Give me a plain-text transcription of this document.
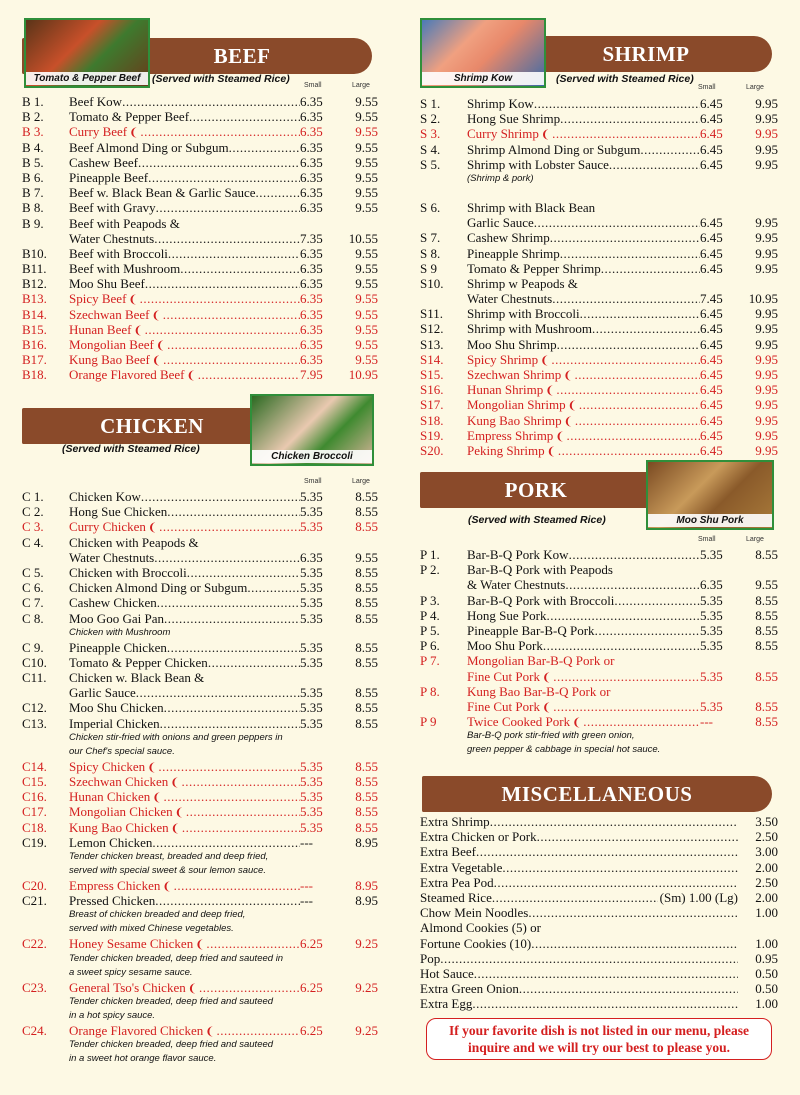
BEEF
Tomato & Pepper Beef	(Served with Steamed Rice)
Small	Large
B 1.	Beef Kow .....	6.35	9.55
B 2.	Tomato & Pepper Beef .....	6.35	9.55
B 3.	Curry Beef ❨ .....	6.35	9.55
B 4.	Beef Almond Ding or Subgum .....	6.35	9.55
B 5.	Cashew Beef .....	6.35	9.55
B 6.	Pineapple Beef .....	6.35	9.55
B 7.	Beef w. Black Bean & Garlic Sauce .....	6.35	9.55
B 8.	Beef with Gravy .....	6.35	9.55
B 9.	Beef with Peapods &
Water Chestnuts .....	7.35	10.55
B10.	Beef with Broccoli .....	6.35	9.55
B11.	Beef with Mushroom .....	6.35	9.55
B12.	Moo Shu Beef .....	6.35	9.55
B13.	Spicy Beef ❨ .....	6.35	9.55
B14.	Szechwan Beef ❨ .....	6.35	9.55
B15.	Hunan Beef ❨ .....	6.35	9.55
B16.	Mongolian Beef ❨ .....	6.35	9.55
B17.	Kung Bao Beef ❨ .....	6.35	9.55
B18.	Orange Flavored Beef ❨ .....	7.95	10.95
CHICKEN
Chicken Broccoli
(Served with Steamed Rice)
Small	Large
C 1.	Chicken Kow .....	5.35	8.55
C 2.	Hong Sue Chicken .....	5.35	8.55
C 3.	Curry Chicken ❨ .....	5.35	8.55
C 4.	Chicken with Peapods &
Water Chestnuts .....	6.35	9.55
C 5.	Chicken with Broccoli .....	5.35	8.55
C 6.	Chicken Almond Ding or Subgum .....	5.35	8.55
C 7.	Cashew Chicken .....	5.35	8.55
C 8.	Moo Goo Gai Pan .....	5.35	8.55
Chicken with Mushroom
C 9.	Pineapple Chicken .....	5.35	8.55
C10.	Tomato & Pepper Chicken .....	5.35	8.55
C11.	Chicken w. Black Bean &
Garlic Sauce .....	5.35	8.55
C12.	Moo Shu Chicken .....	5.35	8.55
C13.	Imperial Chicken .....	5.35	8.55
Chicken stir-fried with onions and green peppers in
our Chef's special sauce.
C14.	Spicy Chicken ❨ .....	5.35	8.55
C15.	Szechwan Chicken ❨ .....	5.35	8.55
C16.	Hunan Chicken ❨ .....	5.35	8.55
C17.	Mongolian Chicken ❨ .....	5.35	8.55
C18.	Kung Bao Chicken ❨ .....	5.35	8.55
C19.	Lemon Chicken .....	---	8.95
Tender chicken breast, breaded and deep fried,
served with special sweet & sour lemon sauce.
C20.	Empress Chicken ❨ .....	---	8.95
C21.	Pressed Chicken .....	---	8.95
Breast of chicken breaded and deep fried,
served with mixed Chinese vegetables.
C22.	Honey Sesame Chicken ❨ .....	6.25	9.25
Tender chicken breaded, deep fried and sauteed in
a sweet spicy sesame sauce.
C23.	General Tso's Chicken ❨ .....	6.25	9.25
Tender chicken breaded, deep fried and sauteed
in a hot spicy sauce.
C24.	Orange Flavored Chicken ❨ .....	6.25	9.25
Tender chicken breaded, deep fried and sauteed
in a sweet hot orange flavor sauce.
SHRIMP
Shrimp Kow	(Served with Steamed Rice)
Small	Large
S 1.	Shrimp Kow .....	6.45	9.95
S 2.	Hong Sue Shrimp .....	6.45	9.95
S 3.	Curry Shrimp ❨ .....	6.45	9.95
S 4.	Shrimp Almond Ding or Subgum .....	6.45	9.95
S 5.	Shrimp with Lobster Sauce .....	6.45	9.95
(Shrimp & pork)
S 6.	Shrimp with Black Bean
Garlic Sauce .....	6.45	9.95
S 7.	Cashew Shrimp .....	6.45	9.95
S 8.	Pineapple Shrimp .....	6.45	9.95
S 9	Tomato & Pepper Shrimp .....	6.45	9.95
S10.	Shrimp w Peapods &
Water Chestnuts .....	7.45	10.95
S11.	Shrimp with Broccoli .....	6.45	9.95
S12.	Shrimp with Mushroom .....	6.45	9.95
S13.	Moo Shu Shrimp .....	6.45	9.95
S14.	Spicy Shrimp ❨ .....	6.45	9.95
S15.	Szechwan Shrimp ❨ .....	6.45	9.95
S16.	Hunan Shrimp ❨ .....	6.45	9.95
S17.	Mongolian Shrimp ❨ .....	6.45	9.95
S18.	Kung Bao Shrimp ❨ .....	6.45	9.95
S19.	Empress Shrimp ❨ .....	6.45	9.95
S20.	Peking Shrimp ❨ .....	6.45	9.95
PORK
Moo Shu Pork
(Served with Steamed Rice)
Small	Large
P 1.	Bar-B-Q Pork Kow .....	5.35	8.55
P 2.	Bar-B-Q Pork with Peapods
& Water Chestnuts .....	6.35	9.55
P 3.	Bar-B-Q Pork with Broccoli .....	5.35	8.55
P 4.	Hong Sue Pork .....	5.35	8.55
P 5.	Pineapple Bar-B-Q Pork .....	5.35	8.55
P 6.	Moo Shu Pork .....	5.35	8.55
P 7.	Mongolian Bar-B-Q Pork or
Fine Cut Pork ❨ .....	5.35	8.55
P 8.	Kung Bao Bar-B-Q Pork or
Fine Cut Pork ❨ .....	5.35	8.55
P 9	Twice Cooked Pork ❨ .....	---	8.55
Bar-B-Q pork stir-fried with green onion,
green pepper & cabbage in special hot sauce.
MISCELLANEOUS
Extra Shrimp .....	3.50
Extra Chicken or Pork .....	2.50
Extra Beef .....	3.00
Extra Vegetable .....	2.00
Extra Pea Pod .....	2.50
Steamed Rice .....	(Sm) 1.00 (Lg)	2.00
Chow Mein Noodles .....	1.00
Almond Cookies (5) or
Fortune Cookies (10) .....	1.00
Pop .....	0.95
Hot Sauce .....	0.50
Extra Green Onion .....	0.50
Extra Egg .....	1.00
If your favorite dish is not listed in our menu, please inquire and we will try our best to please you.
